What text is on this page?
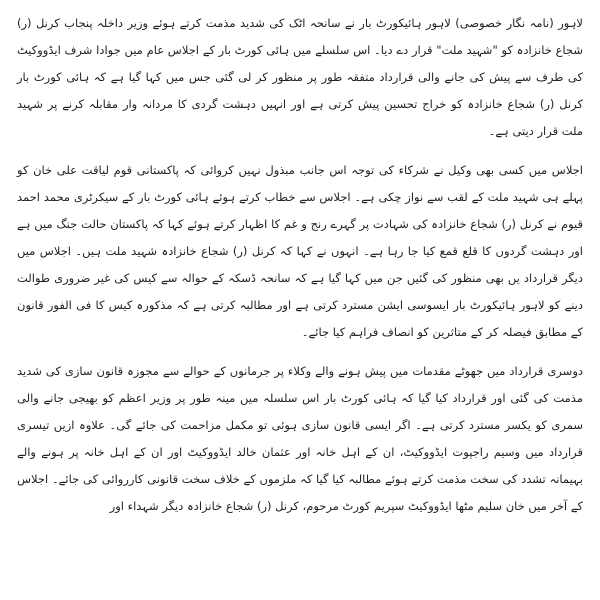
لاہور (نامہ نگار خصوصی) لاہور ہائیکورٹ بار نے سانحہ اٹک کی شدید مذمت کرتے ہوئے وزیر داخلہ پنجاب کرنل (ر) شجاع خانزادہ کو "شہید ملت" قرار دے دیا۔ اس سلسلے میں ہائی کورٹ بار کے اجلاس عام میں جوادا شرف ایڈووکیٹ کی طرف سے پیش کی جانے والی قرارداد متفقہ طور پر منظور کر لی گئی جس میں کہا گیا ہے کہ ہائی کورٹ بار کرنل (ر) شجاع خانزادہ کو خراج تحسین پیش کرتی ہے اور انہیں دہشت گردی کا مردانہ وار مقابلہ کرنے پر شہید ملت قرار دیتی ہے۔

اجلاس میں کسی بھی وکیل نے شرکاء کی توجہ اس جانب مبذول نہیں کروائی کہ پاکستانی قوم لیاقت علی خان کو پہلے ہی شہید ملت کے لقب سے نواز چکی ہے۔ اجلاس سے خطاب کرتے ہوئے ہائی کورٹ بار کے سیکرٹری محمد احمد قیوم نے کرنل (ر) شجاع خانزادہ کی شہادت پر گہرے رنج و غم کا اظہار کرتے ہوئے کہا کہ پاکستان حالت جنگ میں ہے اور دہشت گردوں کا قلع قمع کیا جا رہا ہے۔ انہوں نے کہا کہ کرنل (ر) شجاع خانزادہ شہید ملت ہیں۔ اجلاس میں دیگر قرارداد یں بھی منظور کی گئیں جن میں کہا گیا ہے کہ سانحہ ڈسکہ کے حوالہ سے کیس کی غیر ضروری طوالت دینے کو لاہور ہائیکورٹ بار ایسوسی ایشن مسترد کرتی ہے اور مطالبہ کرتی ہے کہ مذکورہ کیس کا فی الفور قانون کے مطابق فیصلہ کر کے متاثرین کو انصاف فراہم کیا جائے۔

دوسری قرارداد میں جھوٹے مقدمات میں پیش ہونے والے وکلاء پر جرمانوں کے حوالے سے مجوزہ قانون سازی کی شدید مذمت کی گئی اور قرارداد کیا گیا کہ ہائی کورٹ بار اس سلسلہ میں مینہ طور پر وزیر اعظم کو بھیجی جانے والی سمری کو یکسر مسترد کرتی ہے۔ اگر ایسی قانون سازی ہوئی تو مکمل مزاحمت کی جائے گی۔ علاوہ ازیں تیسری قرارداد میں وسیم راجپوت ایڈووکیٹ، ان کے اہل خانہ اور عثمان خالد ایڈووکیٹ اور ان کے اہل خانہ پر ہونے والے بہیمانہ تشدد کی سخت مذمت کرتے ہوئے مطالبہ کیا گیا کہ ملزموں کے خلاف سخت قانونی کارروائی کی جائے۔ اجلاس کے آخر میں خان سلیم مٹھا ایڈووکیٹ سپریم کورٹ مرحوم، کرنل (ر) شجاع خانزادہ دیگر شہداء اور
